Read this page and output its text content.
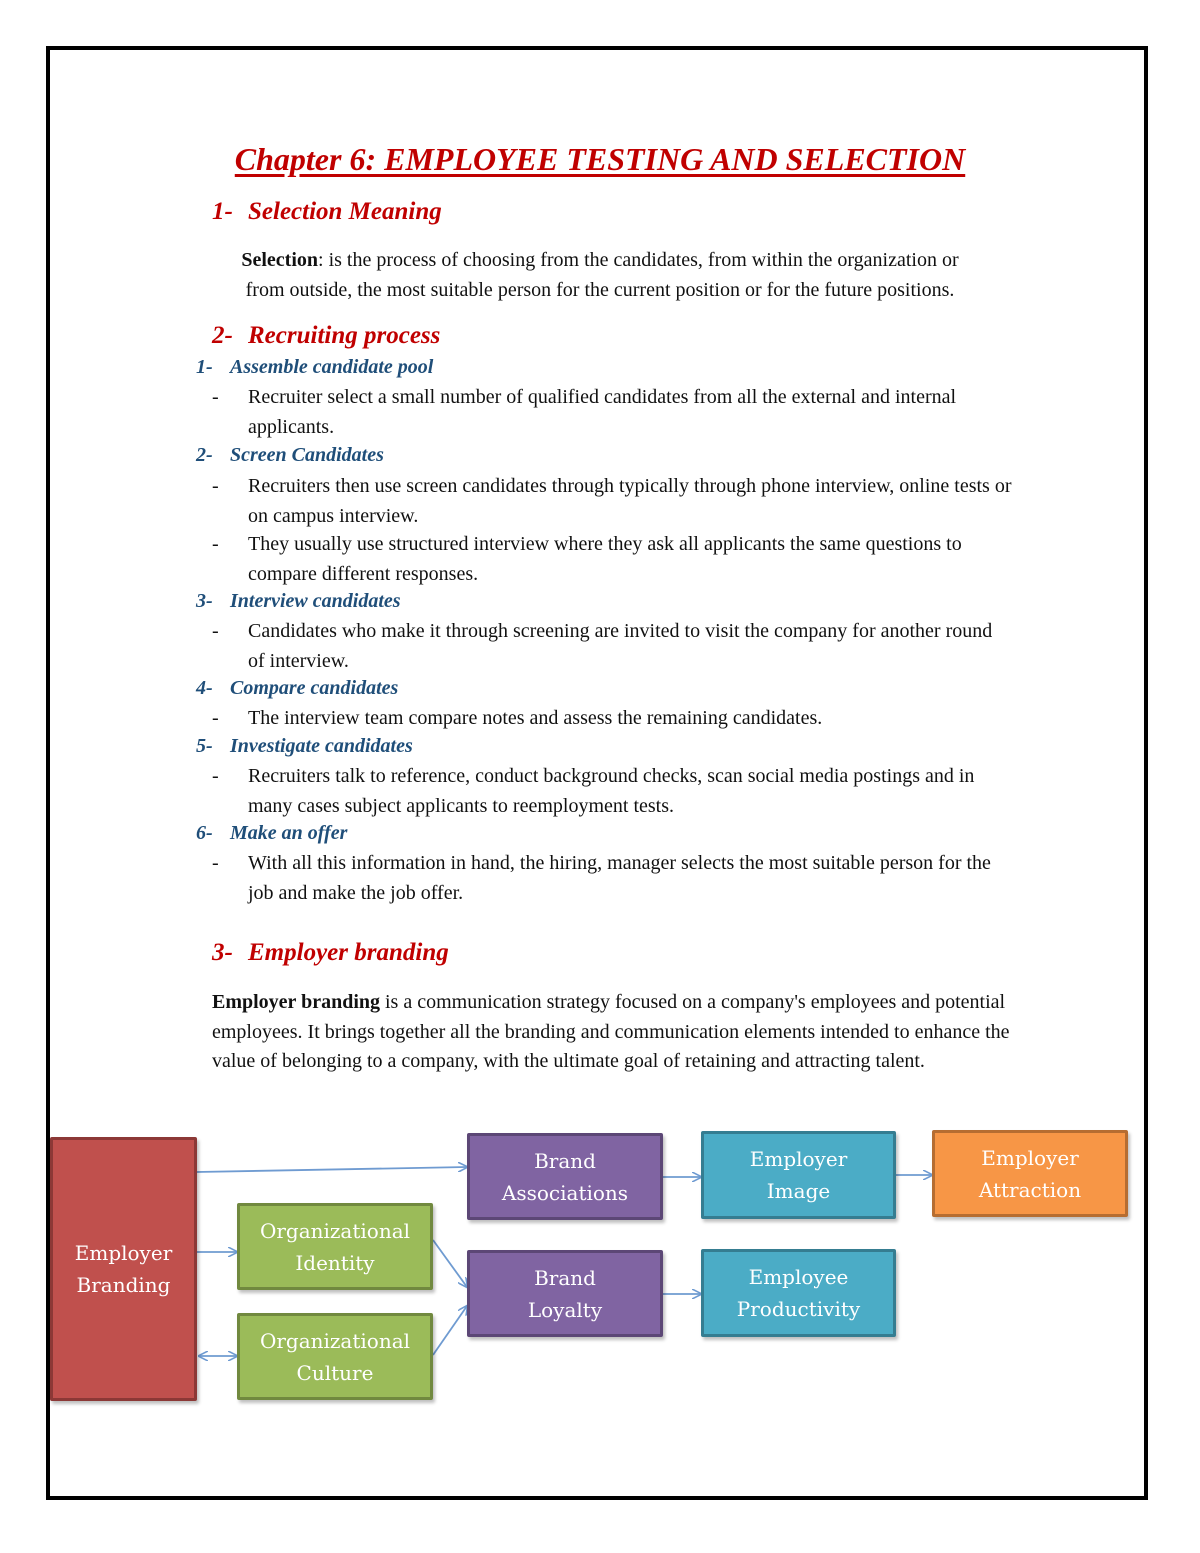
Chapter 6: EMPLOYEE TESTING AND SELECTION
1- Selection Meaning
Selection: is the process of choosing from the candidates, from within the organization or
from outside, the most suitable person for the current position or for the future positions.
2- Recruiting process
1- Assemble candidate pool
- Recruiter select a small number of qualified candidates from all the external and internal applicants.
2- Screen Candidates
- Recruiters then use screen candidates through typically through phone interview, online tests or on campus interview.
- They usually use structured interview where they ask all applicants the same questions to compare different responses.
3- Interview candidates
- Candidates who make it through screening are invited to visit the company for another round of interview.
4- Compare candidates
- The interview team compare notes and assess the remaining candidates.
5- Investigate candidates
- Recruiters talk to reference, conduct background checks, scan social media postings and in many cases subject applicants to reemployment tests.
6- Make an offer
- With all this information in hand, the hiring, manager selects the most suitable person for the job and make the job offer.
3- Employer branding
Employer branding is a communication strategy focused on a company's employees and potential employees. It brings together all the branding and communication elements intended to enhance the value of belonging to a company, with the ultimate goal of retaining and attracting talent.
Employer
Branding
Brand
Associations
Employer
Image
Employer
Attraction
Organizational
Identity
Brand
Loyalty
Employee
Productivity
Organizational
Culture
